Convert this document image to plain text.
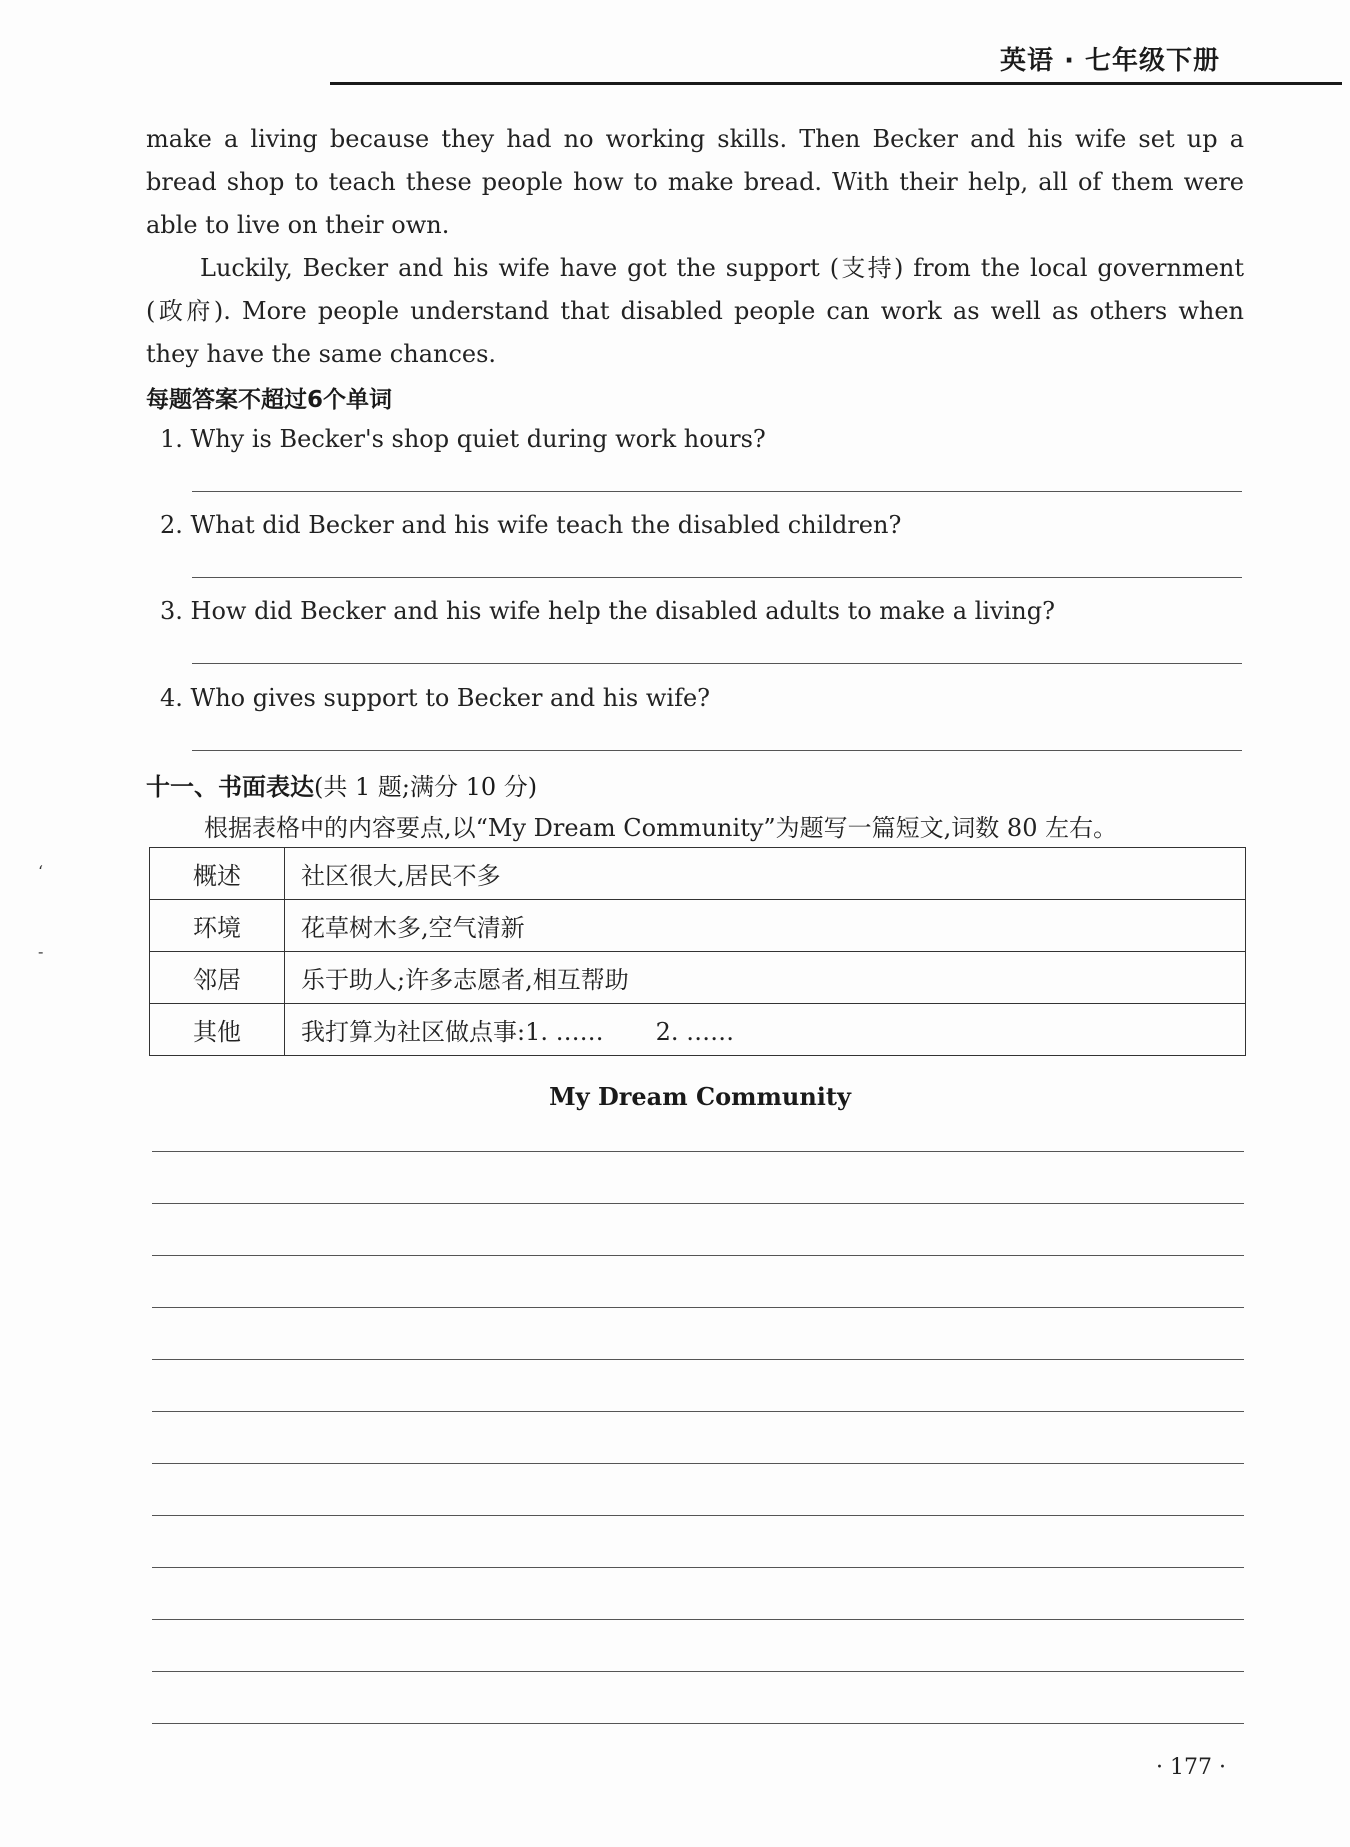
英语 · 七年级下册

make a living because they had no working skills. Then Becker and his wife set up a bread shop to teach these people how to make bread. With their help, all of them were able to live on their own.

Luckily, Becker and his wife have got the support (支持) from the local government (政府). More people understand that disabled people can work as well as others when they have the same chances.

每题答案不超过6个单词
1. Why is Becker's shop quiet during work hours?
2. What did Becker and his wife teach the disabled children?
3. How did Becker and his wife help the disabled adults to make a living?
4. Who gives support to Becker and his wife?
十一、书面表达(共 1 题;满分 10 分)
根据表格中的内容要点,以“My Dream Community”为题写一篇短文,词数 80 左右。
‘
-
概述	社区很大,居民不多
环境	花草树木多,空气清新
邻居	乐于助人;许多志愿者,相互帮助
其他	我打算为社区做点事:1. …… 2. ……
My Dream Community
· 177 ·
